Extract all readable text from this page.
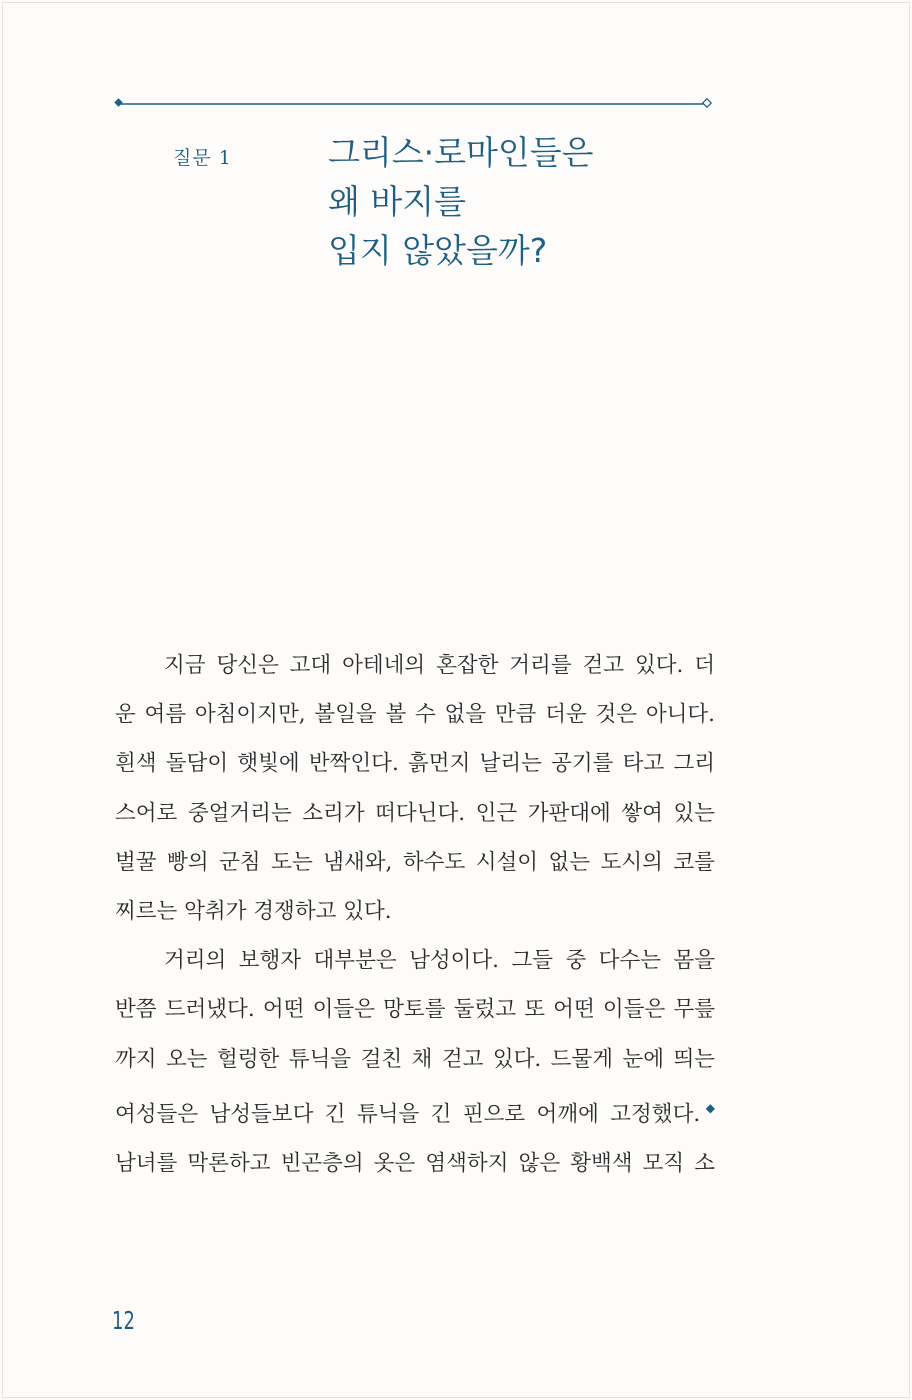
질문 1	그리스·로마인들은
왜 바지를
입지 않았을까?
지금 당신은 고대 아테네의 혼잡한 거리를 걷고 있다. 더
운 여름 아침이지만, 볼일을 볼 수 없을 만큼 더운 것은 아니다.
흰색 돌담이 햇빛에 반짝인다. 흙먼지 날리는 공기를 타고 그리
스어로 중얼거리는 소리가 떠다닌다. 인근 가판대에 쌓여 있는
벌꿀 빵의 군침 도는 냄새와, 하수도 시설이 없는 도시의 코를
찌르는 악취가 경쟁하고 있다.
거리의 보행자 대부분은 남성이다. 그들 중 다수는 몸을
반쯤 드러냈다. 어떤 이들은 망토를 둘렀고 또 어떤 이들은 무릎
까지 오는 헐렁한 튜닉을 걸친 채 걷고 있다. 드물게 눈에 띄는
여성들은 남성들보다 긴 튜닉을 긴 핀으로 어깨에 고정했다.◆
남녀를 막론하고 빈곤층의 옷은 염색하지 않은 황백색 모직 소
12
